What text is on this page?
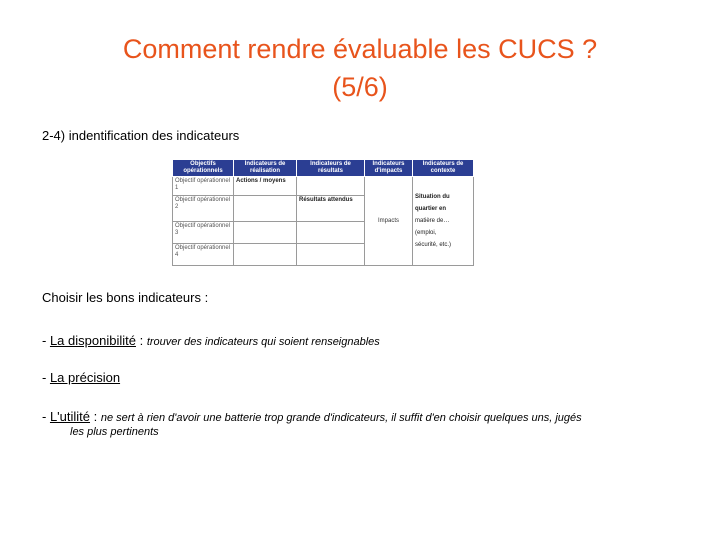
Comment rendre évaluable les CUCS ?
(5/6)
2-4) indentification des indicateurs
Objectifs opérationnels	Indicateurs de réalisation	Indicateurs de résultats	Indicateurs d'impacts	Indicateurs de contexte
Objectif opérationnel 1	Actions / moyens		Impacts	Situation du
quartier en
matière de…
(emploi,
sécurité, etc.)
Objectif opérationnel 2		Résultats attendus		
Objectif opérationnel 3				
Objectif opérationnel 4				
Choisir les bons indicateurs :
- La disponibilité : trouver des indicateurs qui soient renseignables
- La précision
- L'utilité : ne sert à rien d'avoir une batterie trop grande d'indicateurs, il suffit d'en choisir quelques uns, jugés
les plus pertinents
